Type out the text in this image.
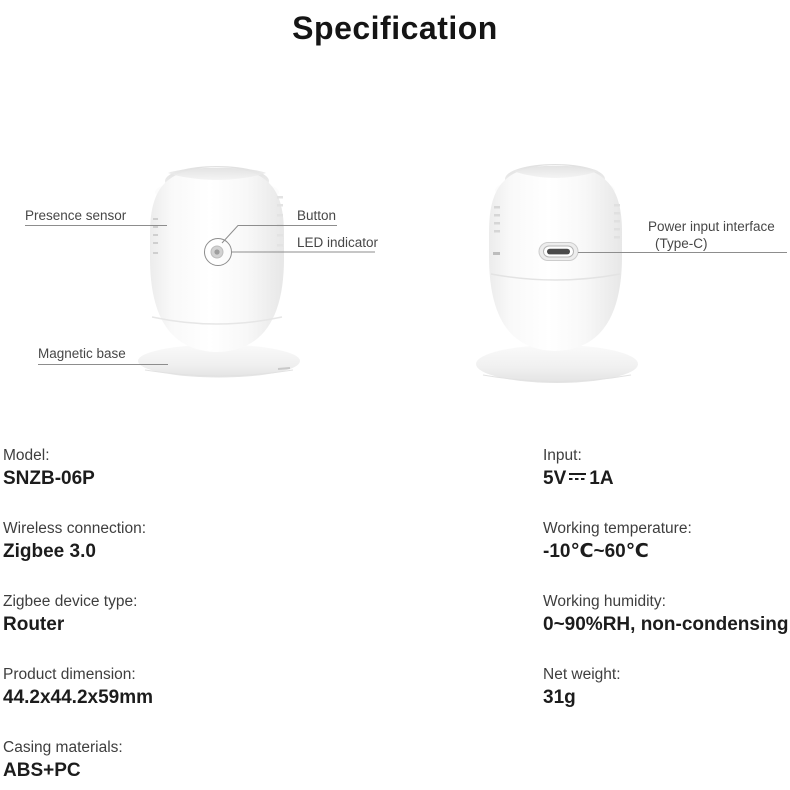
Specification
Presence sensor	Button
LED indicator
Magnetic base
Power input interface
(Type-C)
Model:
SNZB-06P
Wireless connection:
Zigbee 3.0
Zigbee device type:
Router
Product dimension:
44.2x44.2x59mm
Casing materials:
ABS+PC
Input:
5V 1A
Working temperature:
-10℃~60℃
Working humidity:
0~90%RH, non-condensing
Net weight:
31g
